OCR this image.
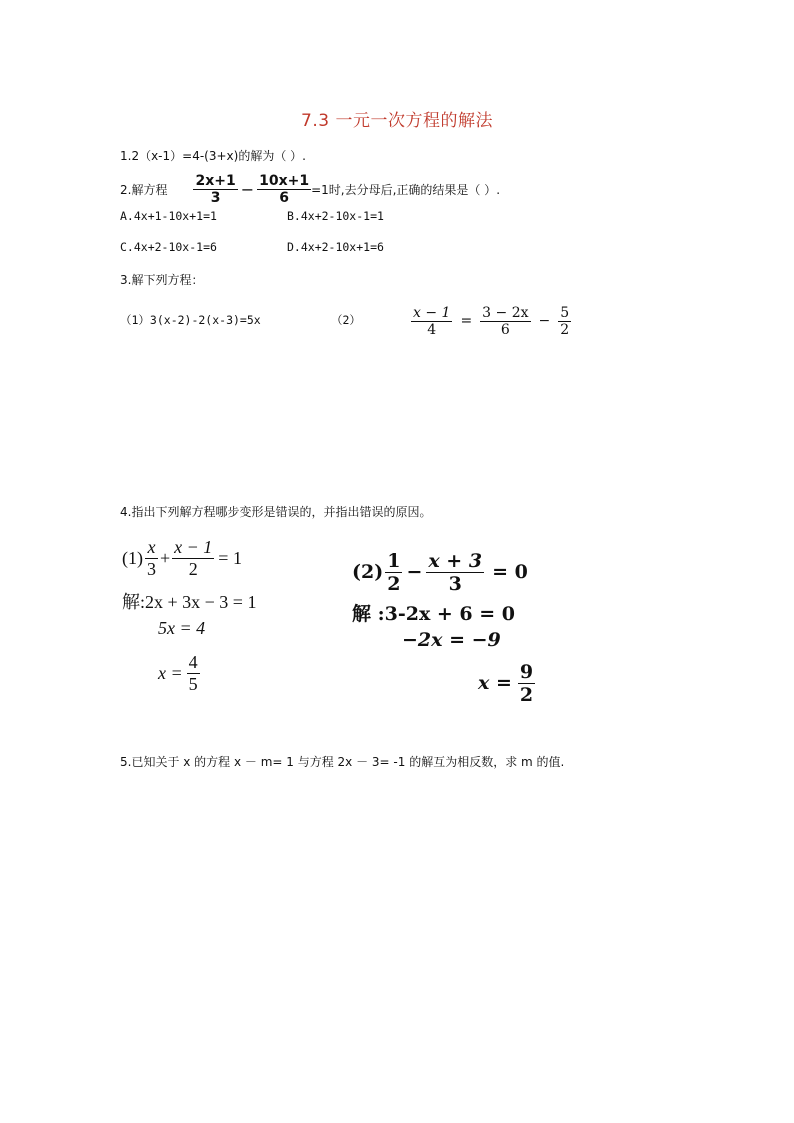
7.3 一元一次方程的解法
1.2（x-1）=4-(3+x)的解为（ ）.
2.解方程 $\frac{2x+1}{3} - \frac{10x+1}{6} =1$时,去分母后,正确的结果是（ ）.
A.4x+1-10x+1=1	B.4x+2-10x-1=1
C.4x+2-10x-1=6	D.4x+2-10x+1=6
3.解下列方程：
（1）3(x-2)-2(x-3)=5x	（2）	$\frac{x - 1}{4} = \frac{3 - 2x}{6} - \frac{5}{2}$
4.指出下列解方程哪步变形是错误的，并指出错误的原因。
$(1) \frac{x}{3} + \frac{x - 1}{2} = 1$
解:2x + 3x − 3 = 1
5x = 4
$x = \frac{4}{5}$
$(2) \frac{1}{2} - \frac{x + 3}{3} = 0$
解 :3-2x + 6 = 0
−2x = −9
$x = \frac{9}{2}$
5.已知关于 x 的方程 x － m= 1 与方程 2x － 3= -1 的解互为相反数，求 m 的值.
